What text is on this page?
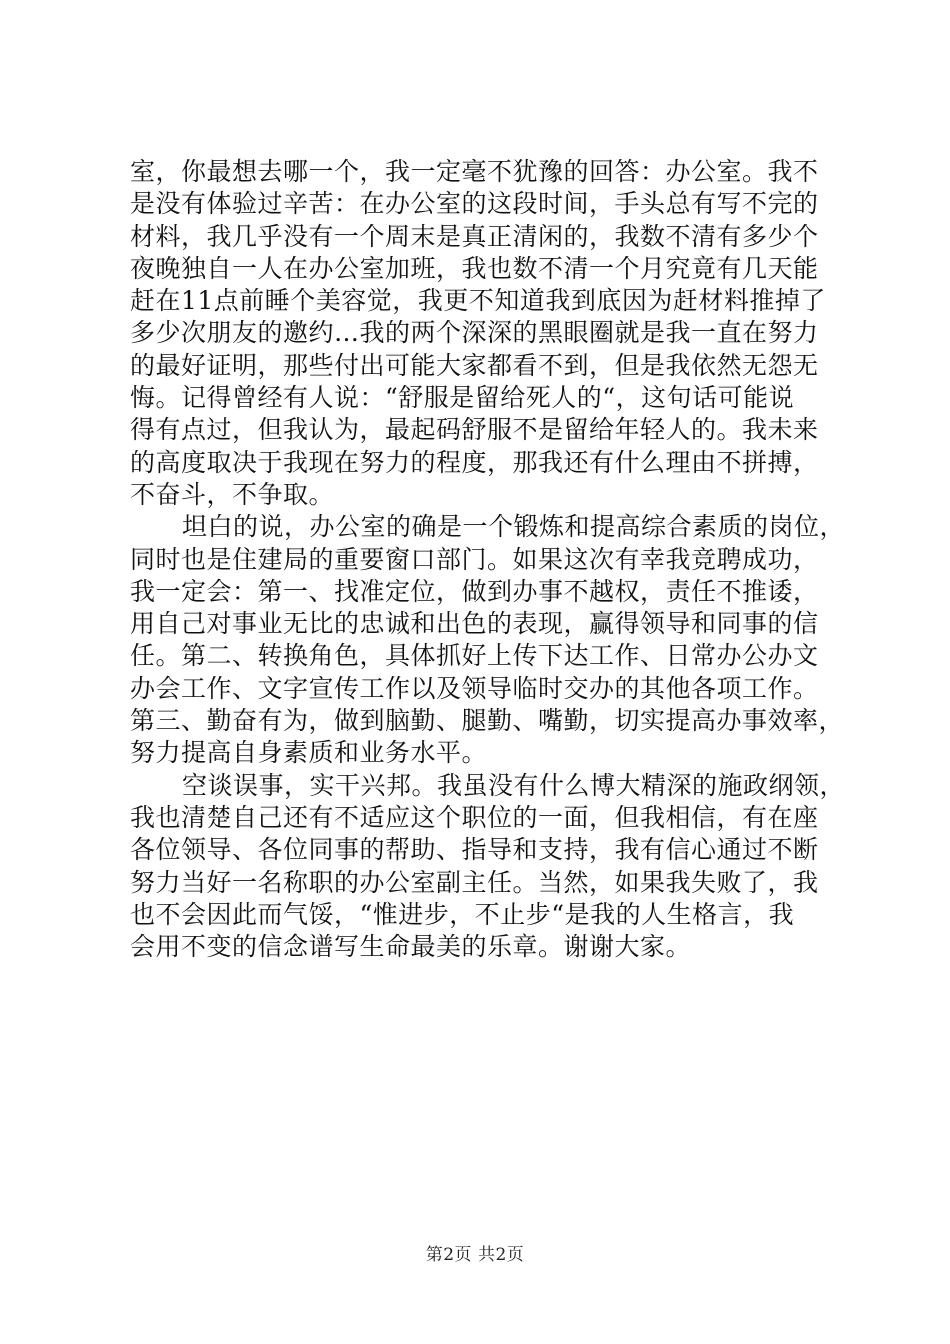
室，你最想去哪一个，我一定毫不犹豫的回答：办公室。我不
是没有体验过辛苦：在办公室的这段时间，手头总有写不完的
材料，我几乎没有一个周末是真正清闲的，我数不清有多少个
夜晚独自一人在办公室加班，我也数不清一个月究竟有几天能
赶在11点前睡个美容觉，我更不知道我到底因为赶材料推掉了
多少次朋友的邀约…我的两个深深的黑眼圈就是我一直在努力
的最好证明，那些付出可能大家都看不到，但是我依然无怨无
悔。记得曾经有人说：“舒服是留给死人的“，这句话可能说
得有点过，但我认为，最起码舒服不是留给年轻人的。我未来
的高度取决于我现在努力的程度，那我还有什么理由不拼搏，
不奋斗，不争取。
坦白的说，办公室的确是一个锻炼和提高综合素质的岗位，
同时也是住建局的重要窗口部门。如果这次有幸我竞聘成功，
我一定会：第一、找准定位，做到办事不越权，责任不推诿，
用自己对事业无比的忠诚和出色的表现，赢得领导和同事的信
任。第二、转换角色，具体抓好上传下达工作、日常办公办文
办会工作、文字宣传工作以及领导临时交办的其他各项工作。
第三、勤奋有为，做到脑勤、腿勤、嘴勤，切实提高办事效率，
努力提高自身素质和业务水平。
空谈误事，实干兴邦。我虽没有什么博大精深的施政纲领，
我也清楚自己还有不适应这个职位的一面，但我相信，有在座
各位领导、各位同事的帮助、指导和支持，我有信心通过不断
努力当好一名称职的办公室副主任。当然，如果我失败了，我
也不会因此而气馁，“惟进步，不止步“是我的人生格言，我
会用不变的信念谱写生命最美的乐章。谢谢大家。
第2页 共2页
